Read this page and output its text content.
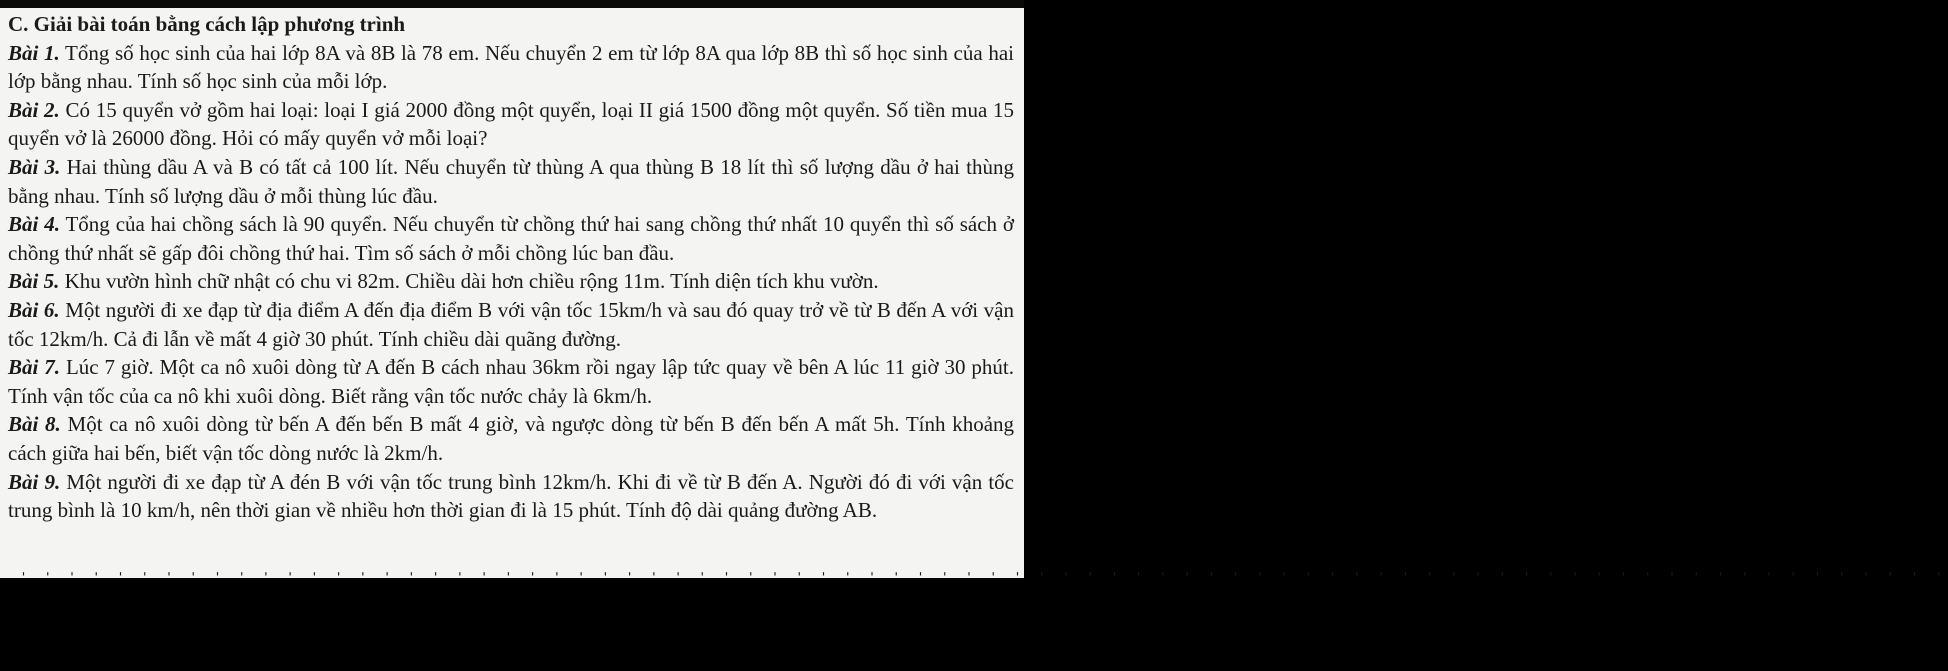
C. Giải bài toán bằng cách lập phương trình

Bài 1. Tổng số học sinh của hai lớp 8A và 8B là 78 em. Nếu chuyển 2 em từ lớp 8A qua lớp 8B thì số học sinh của hai lớp bằng nhau. Tính số học sinh của mỗi lớp.

Bài 2. Có 15 quyển vở gồm hai loại: loại I giá 2000 đồng một quyển, loại II giá 1500 đồng một quyển. Số tiền mua 15 quyển vở là 26000 đồng. Hỏi có mấy quyển vở mỗi loại?

Bài 3. Hai thùng dầu A và B có tất cả 100 lít. Nếu chuyển từ thùng A qua thùng B 18 lít thì số lượng dầu ở hai thùng bằng nhau. Tính số lượng dầu ở mỗi thùng lúc đầu.

Bài 4. Tổng của hai chồng sách là 90 quyển. Nếu chuyển từ chồng thứ hai sang chồng thứ nhất 10 quyển thì số sách ở chồng thứ nhất sẽ gấp đôi chồng thứ hai. Tìm số sách ở mỗi chồng lúc ban đầu.

Bài 5. Khu vườn hình chữ nhật có chu vi 82m. Chiều dài hơn chiều rộng 11m. Tính diện tích khu vườn.

Bài 6. Một người đi xe đạp từ địa điểm A đến địa điểm B với vận tốc 15km/h và sau đó quay trở về từ B đến A với vận tốc 12km/h. Cả đi lẫn về mất 4 giờ 30 phút. Tính chiều dài quãng đường.

Bài 7. Lúc 7 giờ. Một ca nô xuôi dòng từ A đến B cách nhau 36km rồi ngay lập tức quay về bên A lúc 11 giờ 30 phút. Tính vận tốc của ca nô khi xuôi dòng. Biết rằng vận tốc nước chảy là 6km/h.

Bài 8. Một ca nô xuôi dòng từ bến A đến bến B mất 4 giờ, và ngược dòng từ bến B đến bến A mất 5h. Tính khoảng cách giữa hai bến, biết vận tốc dòng nước là 2km/h.

Bài 9. Một người đi xe đạp từ A đén B với vận tốc trung bình 12km/h. Khi đi về từ B đến A. Người đó đi với vận tốc trung bình là 10 km/h, nên thời gian về nhiều hơn thời gian đi là 15 phút. Tính độ dài quảng đường AB.

ˌ ˌ ˌ ˌ ˌ ˌ ˌ ˌ ˌ ˌ ˌ ˌ ˌ ˌ ˌ ˌ ˌ ˌ ˌ ˌ ˌ ˌ ˌ ˌ ˌ ˌ ˌ ˌ ˌ ˌ ˌ ˌ ˌ ˌ ˌ ˌ ˌ ˌ ˌ ˌ ˌ ˌ ˌ ˌ ˌ ˌ ˌ ˌ ˌ ˌ ˌ ˌ ˌ ˌ ˌ ˌ ˌ ˌ ˌ ˌ ˌ ˌ ˌ ˌ ˌ ˌ ˌ ˌ ˌ ˌ ˌ ˌ ˌ ˌ ˌ ˌ ˌ ˌ ˌ ˌ
